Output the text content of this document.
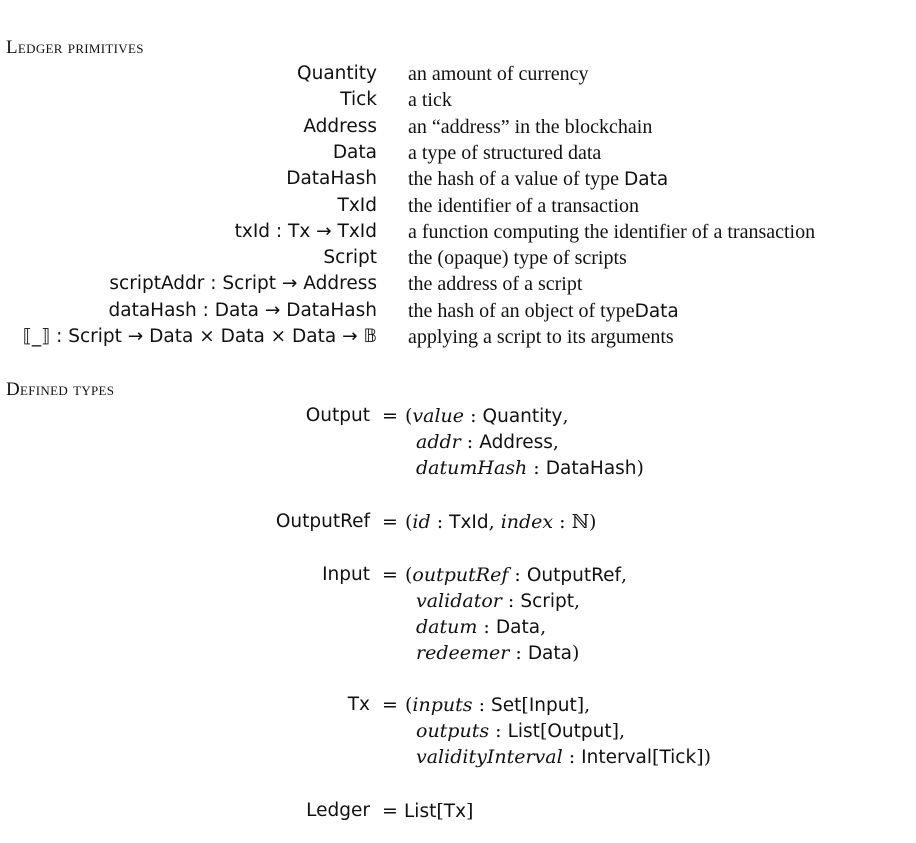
Ledger primitives
Quantity an amount of currency
Tick a tick
Address an “address” in the blockchain
Data a type of structured data
DataHash the hash of a value of type Data
TxId the identifier of a transaction
txId : Tx → TxId a function computing the identifier of a transaction
Script the (opaque) type of scripts
scriptAddr : Script → Address the address of a script
dataHash : Data → DataHash the hash of an object of typeData
⟦_⟧ : Script → Data × Data × Data → 𝔹 applying a script to its arguments
Defined types
Output = (value : Quantity,
addr : Address,
datumHash : DataHash)
OutputRef = (id : TxId, index : ℕ)
Input = (outputRef : OutputRef,
validator : Script,
datum : Data,
redeemer : Data)
Tx = (inputs : Set[Input],
outputs : List[Output],
validityInterval : Interval[Tick])
Ledger = List[Tx]
